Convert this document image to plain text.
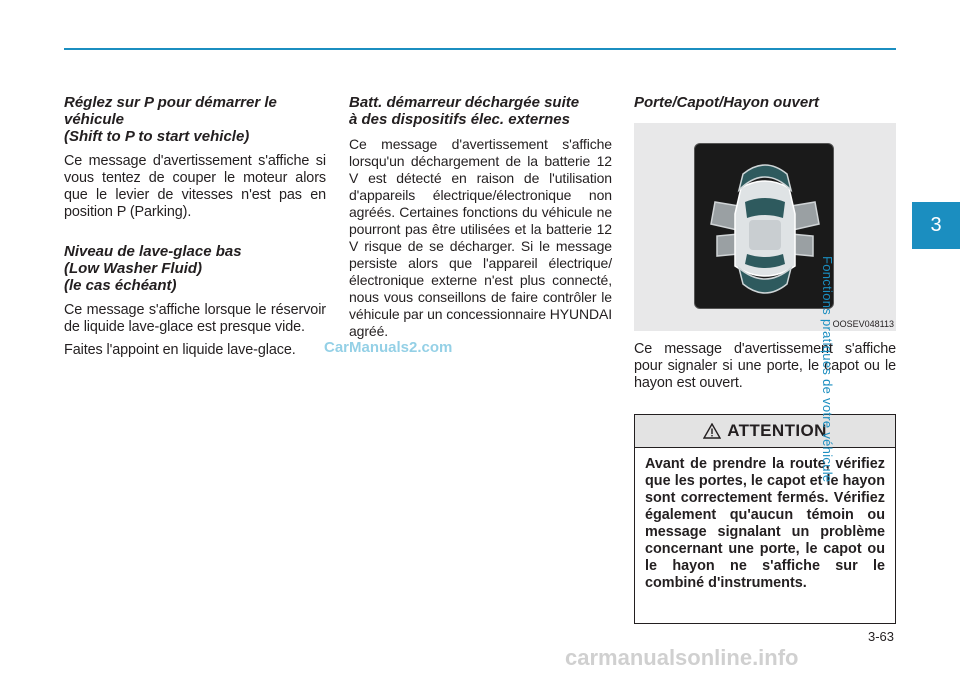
Réglez sur P pour démarrer le
véhicule
(Shift to P to start vehicle)

Ce message d'avertissement s'affiche si vous tentez de couper le moteur alors que le levier de vitesses n'est pas en position P (Parking).

Niveau de lave-glace bas
(Low Washer Fluid)
(le cas échéant)

Ce message s'affiche lorsque le réservoir de liquide lave-glace est presque vide.

Faites l'appoint en liquide lave-glace.

Batt. démarreur déchargée suite
à des dispositifs élec. externes

Ce message d'avertissement s'affiche lorsqu'un déchargement de la batterie 12 V est détecté en raison de l'utilisation d'appareils électrique/électronique non agréés. Certaines fonctions du véhicule ne pourront pas être utilisées et la batterie 12 V risque de se décharger. Si le message persiste alors que l'appareil électrique/électronique externe n'est plus connecté, nous vous conseillons de faire contrôler le véhicule par un concessionnaire HYUNDAI agréé.

Porte/Capot/Hayon ouvert
OOSEV048113

Ce message d'avertissement s'affiche pour signaler si une porte, le capot ou le hayon est ouvert.

ATTENTION
Avant de prendre la route, vérifiez que les portes, le capot et le hayon sont correctement fermés. Vérifiez également qu'aucun témoin ou message signalant un problème concernant une porte, le capot ou le hayon ne s'affiche sur le combiné d'instruments.
3
Fonctions pratiques de votre véhicule
3-63
CarManuals2.com
carmanualsonline.info
